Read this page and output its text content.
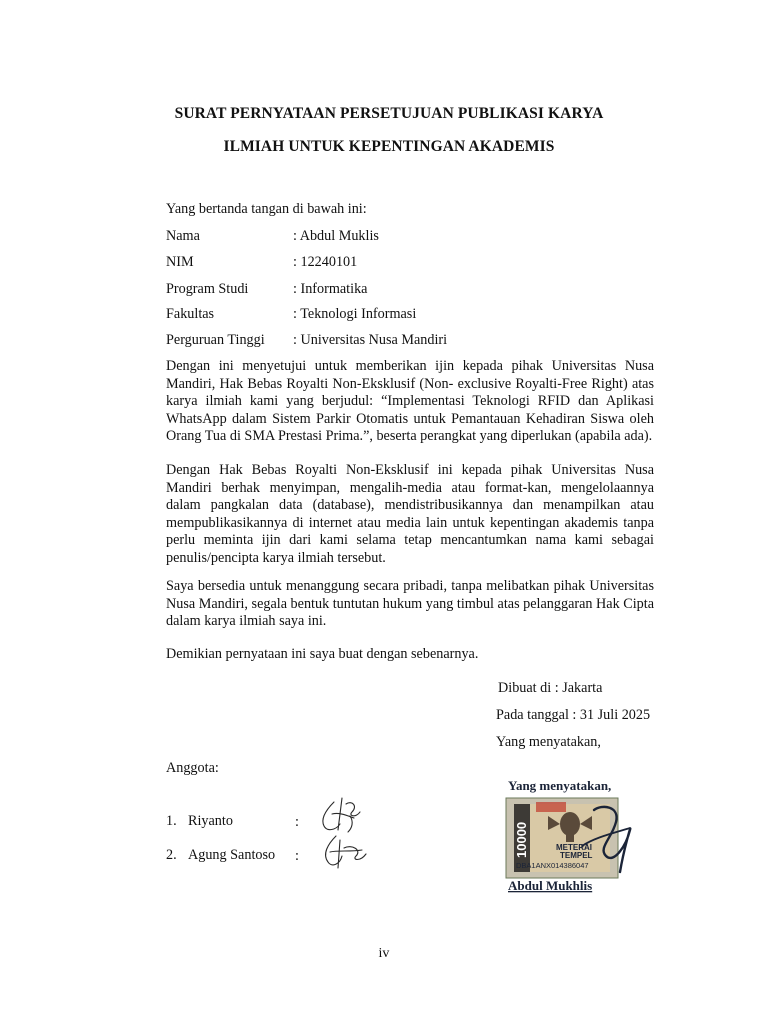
SURAT PERNYATAAN PERSETUJUAN PUBLIKASI KARYA
ILMIAH UNTUK KEPENTINGAN AKADEMIS
Yang bertanda tangan di bawah ini:
Nama	: Abdul Muklis
NIM	: 12240101
Program Studi	: Informatika
Fakultas	: Teknologi Informasi
Perguruan Tinggi : Universitas Nusa Mandiri
Dengan ini menyetujui untuk memberikan ijin kepada pihak Universitas Nusa Mandiri, Hak Bebas Royalti Non-Eksklusif (Non- exclusive Royalti-Free Right) atas karya ilmiah kami yang berjudul: “Implementasi Teknologi RFID dan Aplikasi WhatsApp dalam Sistem Parkir Otomatis untuk Pemantauan Kehadiran Siswa oleh Orang Tua di SMA Prestasi Prima.”, beserta perangkat yang diperlukan (apabila ada).
Dengan Hak Bebas Royalti Non-Eksklusif ini kepada pihak Universitas Nusa Mandiri berhak menyimpan, mengalih-media atau format-kan, mengelolaannya dalam pangkalan data (database), mendistribusikannya dan menampilkan atau mempublikasikannya di internet atau media lain untuk kepentingan akademis tanpa perlu meminta ijin dari kami selama tetap mencantumkan nama kami sebagai penulis/pencipta karya ilmiah tersebut.
Saya bersedia untuk menanggung secara pribadi, tanpa melibatkan pihak Universitas Nusa Mandiri, segala bentuk tuntutan hukum yang timbul atas pelanggaran Hak Cipta dalam karya ilmiah saya ini.
Demikian pernyataan ini saya buat dengan sebenarnya.
Dibuat di : Jakarta
Pada tanggal : 31 Juli 2025
Yang menyatakan,
Anggota:
1. Riyanto	:
2. Agung Santoso :
Yang menyatakan,
10000	METERAI
TEMPEL
DBA1ANX014386047
Abdul Mukhlis
iv
